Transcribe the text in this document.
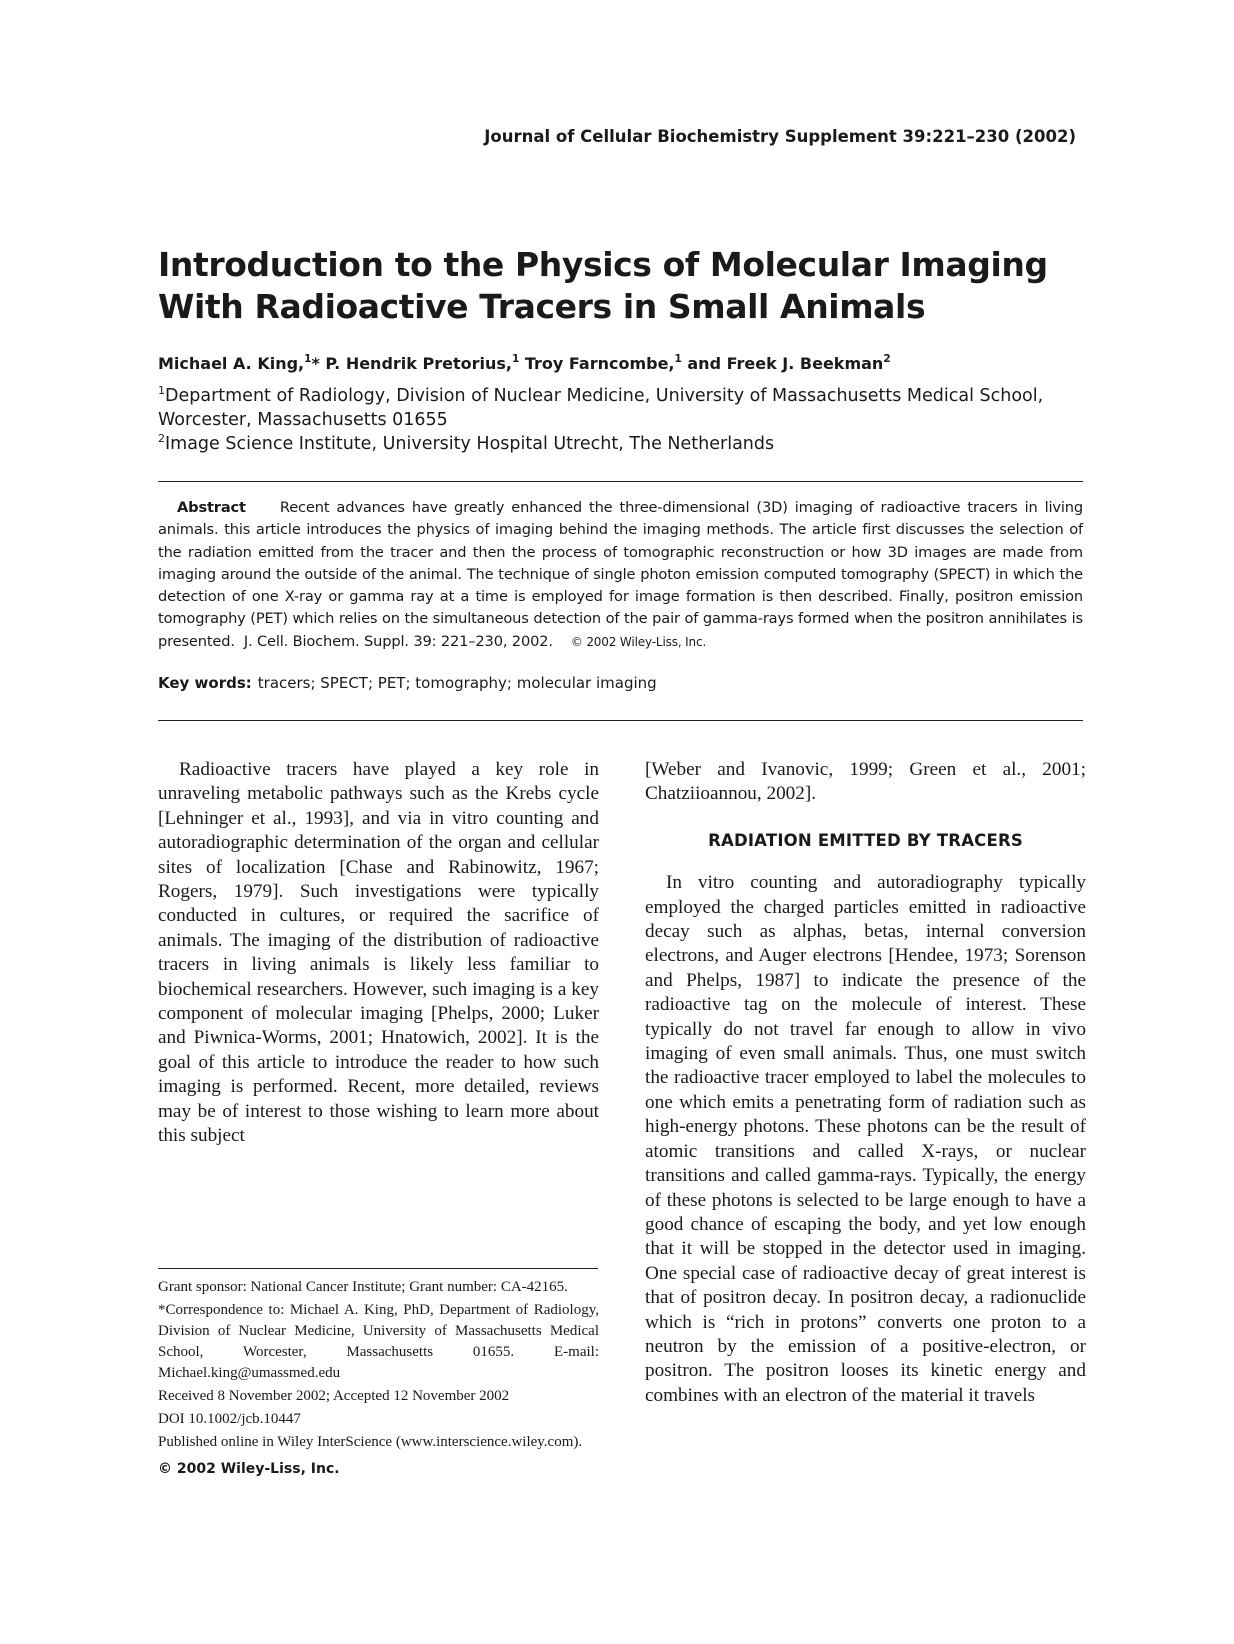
Journal of Cellular Biochemistry Supplement 39:221–230 (2002)
Introduction to the Physics of Molecular Imaging
With Radioactive Tracers in Small Animals
Michael A. King,$^1$* P. Hendrik Pretorius,$^1$ Troy Farncombe,$^1$ and Freek J. Beekman$^2$
$^1$Department of Radiology, Division of Nuclear Medicine, University of Massachusetts Medical School,
Worcester, Massachusetts 01655
$^2$Image Science Institute, University Hospital Utrecht, The Netherlands
Abstract Recent advances have greatly enhanced the three-dimensional (3D) imaging of radioactive tracers in living animals. this article introduces the physics of imaging behind the imaging methods. The article first discusses the selection of the radiation emitted from the tracer and then the process of tomographic reconstruction or how 3D images are made from imaging around the outside of the animal. The technique of single photon emission computed tomography (SPECT) in which the detection of one X-ray or gamma ray at a time is employed for image formation is then described. Finally, positron emission tomography (PET) which relies on the simultaneous detection of the pair of gamma-rays formed when the positron annihilates is presented. J. Cell. Biochem. Suppl. 39: 221–230, 2002. © 2002 Wiley-Liss, Inc.
Key words: tracers; SPECT; PET; tomography; molecular imaging

Radioactive tracers have played a key role in unraveling metabolic pathways such as the Krebs cycle [Lehninger et al., 1993], and via in vitro counting and autoradiographic determination of the organ and cellular sites of localization [Chase and Rabinowitz, 1967; Rogers, 1979]. Such investigations were typically conducted in cultures, or required the sacrifice of animals. The imaging of the distribution of radioactive tracers in living animals is likely less familiar to biochemical researchers. However, such imaging is a key component of molecular imaging [Phelps, 2000; Luker and Piwnica-Worms, 2001; Hnatowich, 2002]. It is the goal of this article to introduce the reader to how such imaging is performed. Recent, more detailed, reviews may be of interest to those wishing to learn more about this subject

[Weber and Ivanovic, 1999; Green et al., 2001; Chatziioannou, 2002].

RADIATION EMITTED BY TRACERS

In vitro counting and autoradiography typically employed the charged particles emitted in radioactive decay such as alphas, betas, internal conversion electrons, and Auger electrons [Hendee, 1973; Sorenson and Phelps, 1987] to indicate the presence of the radioactive tag on the molecule of interest. These typically do not travel far enough to allow in vivo imaging of even small animals. Thus, one must switch the radioactive tracer employed to label the molecules to one which emits a penetrating form of radiation such as high-energy photons. These photons can be the result of atomic transitions and called X-rays, or nuclear transitions and called gamma-rays. Typically, the energy of these photons is selected to be large enough to have a good chance of escaping the body, and yet low enough that it will be stopped in the detector used in imaging. One special case of radioactive decay of great interest is that of positron decay. In positron decay, a radionuclide which is “rich in protons” converts one proton to a neutron by the emission of a positive-electron, or positron. The positron looses its kinetic energy and combines with an electron of the material it travels

Grant sponsor: National Cancer Institute; Grant number: CA-42165.

*Correspondence to: Michael A. King, PhD, Department of Radiology, Division of Nuclear Medicine, University of Massachusetts Medical School, Worcester, Massachusetts 01655. E-mail: Michael.king@umassmed.edu

Received 8 November 2002; Accepted 12 November 2002

DOI 10.1002/jcb.10447

Published online in Wiley InterScience (www.interscience.wiley.com).

© 2002 Wiley-Liss, Inc.
